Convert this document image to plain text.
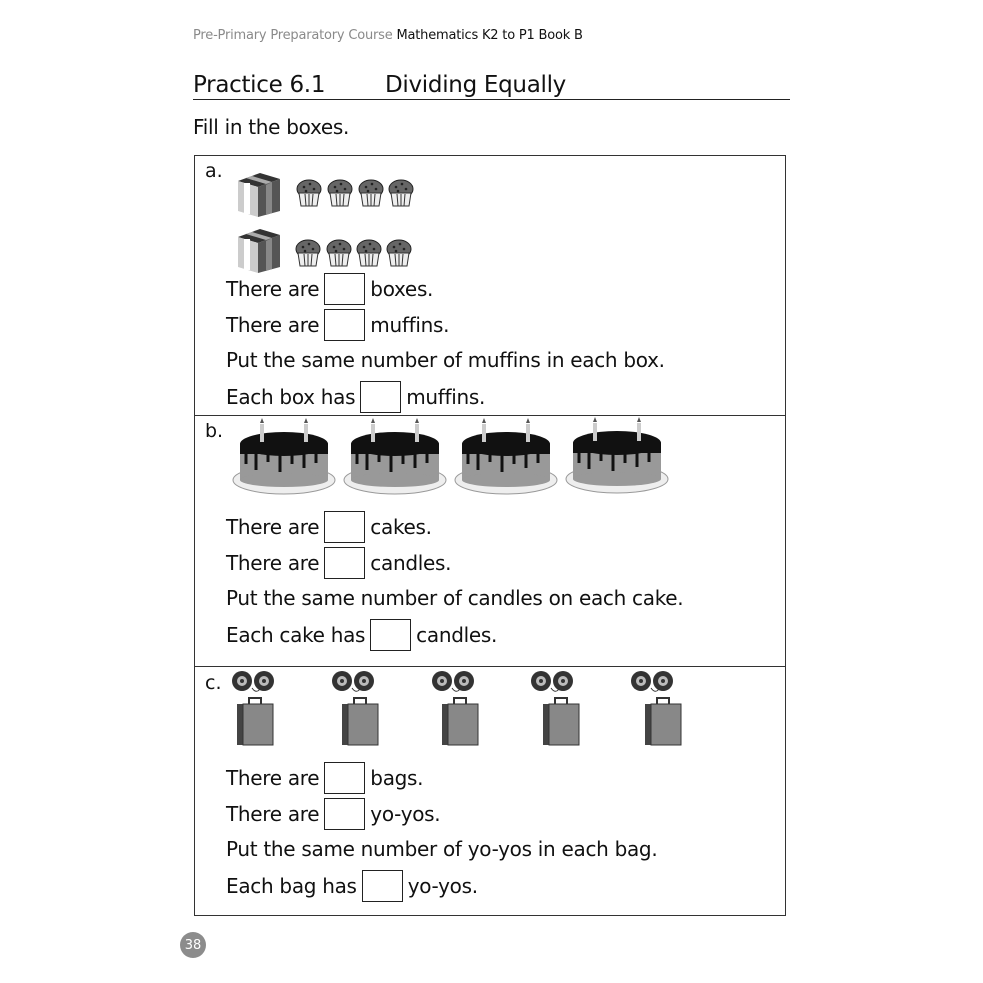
Pre-Primary Preparatory Course Mathematics K2 to P1 Book B
Practice 6.1	Dividing Equally
Fill in the boxes.
a.
There are	boxes.
There are	muffins.
Put the same number of muffins in each box.
Each box has	muffins.
b.
There are	cakes.
There are	candles.
Put the same number of candles on each cake.
Each cake has	candles.
c.
There are	bags.
There are	yo-yos.
Put the same number of yo-yos in each bag.
Each bag has	yo-yos.
38
